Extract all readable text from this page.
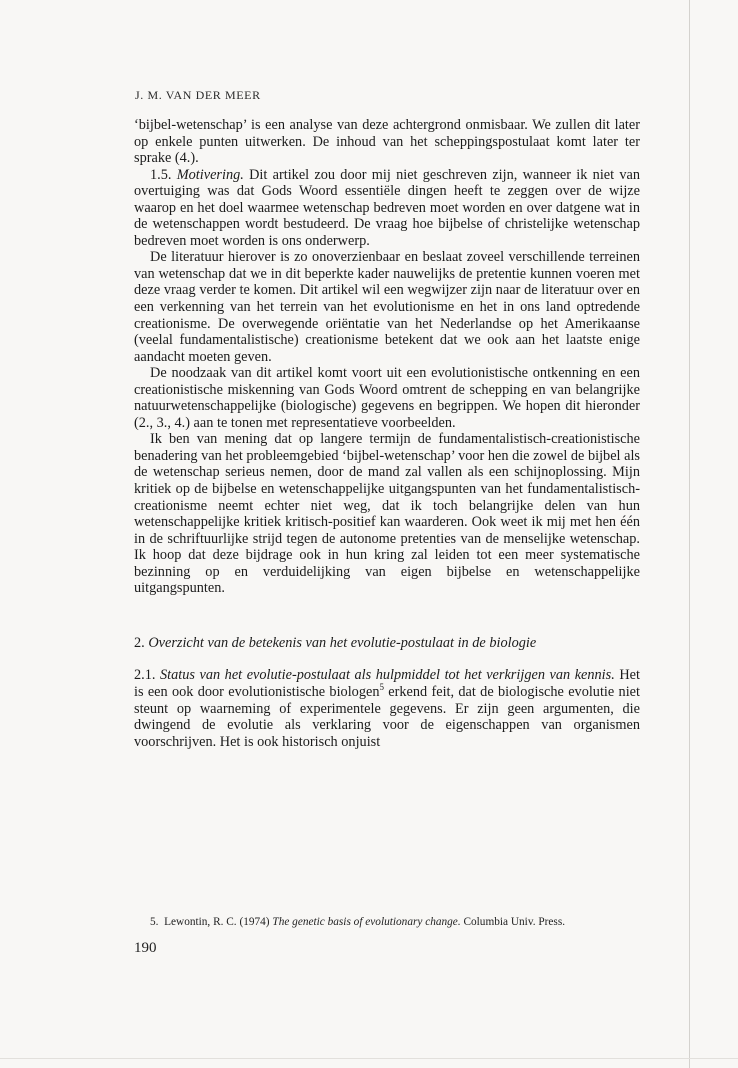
J. M. VAN DER MEER

‘bijbel-wetenschap’ is een analyse van deze achtergrond onmisbaar. We zullen dit later op enkele punten uitwerken. De inhoud van het scheppingspostulaat komt later ter sprake (4.).

1.5. Motivering. Dit artikel zou door mij niet geschreven zijn, wanneer ik niet van overtuiging was dat Gods Woord essentiële dingen heeft te zeggen over de wijze waarop en het doel waarmee wetenschap bedreven moet worden en over datgene wat in de wetenschappen wordt bestudeerd. De vraag hoe bijbelse of christelijke wetenschap bedreven moet worden is ons onderwerp.

De literatuur hierover is zo onoverzienbaar en beslaat zoveel verschillende terreinen van wetenschap dat we in dit beperkte kader nauwelijks de pretentie kunnen voeren met deze vraag verder te komen. Dit artikel wil een wegwijzer zijn naar de literatuur over en een verkenning van het terrein van het evolutionisme en het in ons land optredende creationisme. De overwegende oriëntatie van het Nederlandse op het Amerikaanse (veelal fundamentalistische) creationisme betekent dat we ook aan het laatste enige aandacht moeten geven.

De noodzaak van dit artikel komt voort uit een evolutionistische ontkenning en een creationistische miskenning van Gods Woord omtrent de schepping en van belangrijke natuurwetenschappelijke (biologische) gegevens en begrippen. We hopen dit hieronder (2., 3., 4.) aan te tonen met representatieve voorbeelden.

Ik ben van mening dat op langere termijn de fundamentalistisch-creationistische benadering van het probleemgebied ‘bijbel-wetenschap’ voor hen die zowel de bijbel als de wetenschap serieus nemen, door de mand zal vallen als een schijnoplossing. Mijn kritiek op de bijbelse en wetenschappelijke uitgangspunten van het fundamentalistisch-creationisme neemt echter niet weg, dat ik toch belangrijke delen van hun wetenschappelijke kritiek kritisch-positief kan waarderen. Ook weet ik mij met hen één in de schriftuurlijke strijd tegen de autonome pretenties van de menselijke wetenschap. Ik hoop dat deze bijdrage ook in hun kring zal leiden tot een meer systematische bezinning op en verduidelijking van eigen bijbelse en wetenschappelijke uitgangspunten.

2. Overzicht van de betekenis van het evolutie-postulaat in de biologie

2.1. Status van het evolutie-postulaat als hulpmiddel tot het verkrijgen van kennis. Het is een ook door evolutionistische biologen$^5$ erkend feit, dat de biologische evolutie niet steunt op waarneming of experimentele gegevens. Er zijn geen argumenten, die dwingend de evolutie als verklaring voor de eigenschappen van organismen voorschrijven. Het is ook historisch onjuist

5. Lewontin, R. C. (1974) The genetic basis of evolutionary change. Columbia Univ. Press.
190
